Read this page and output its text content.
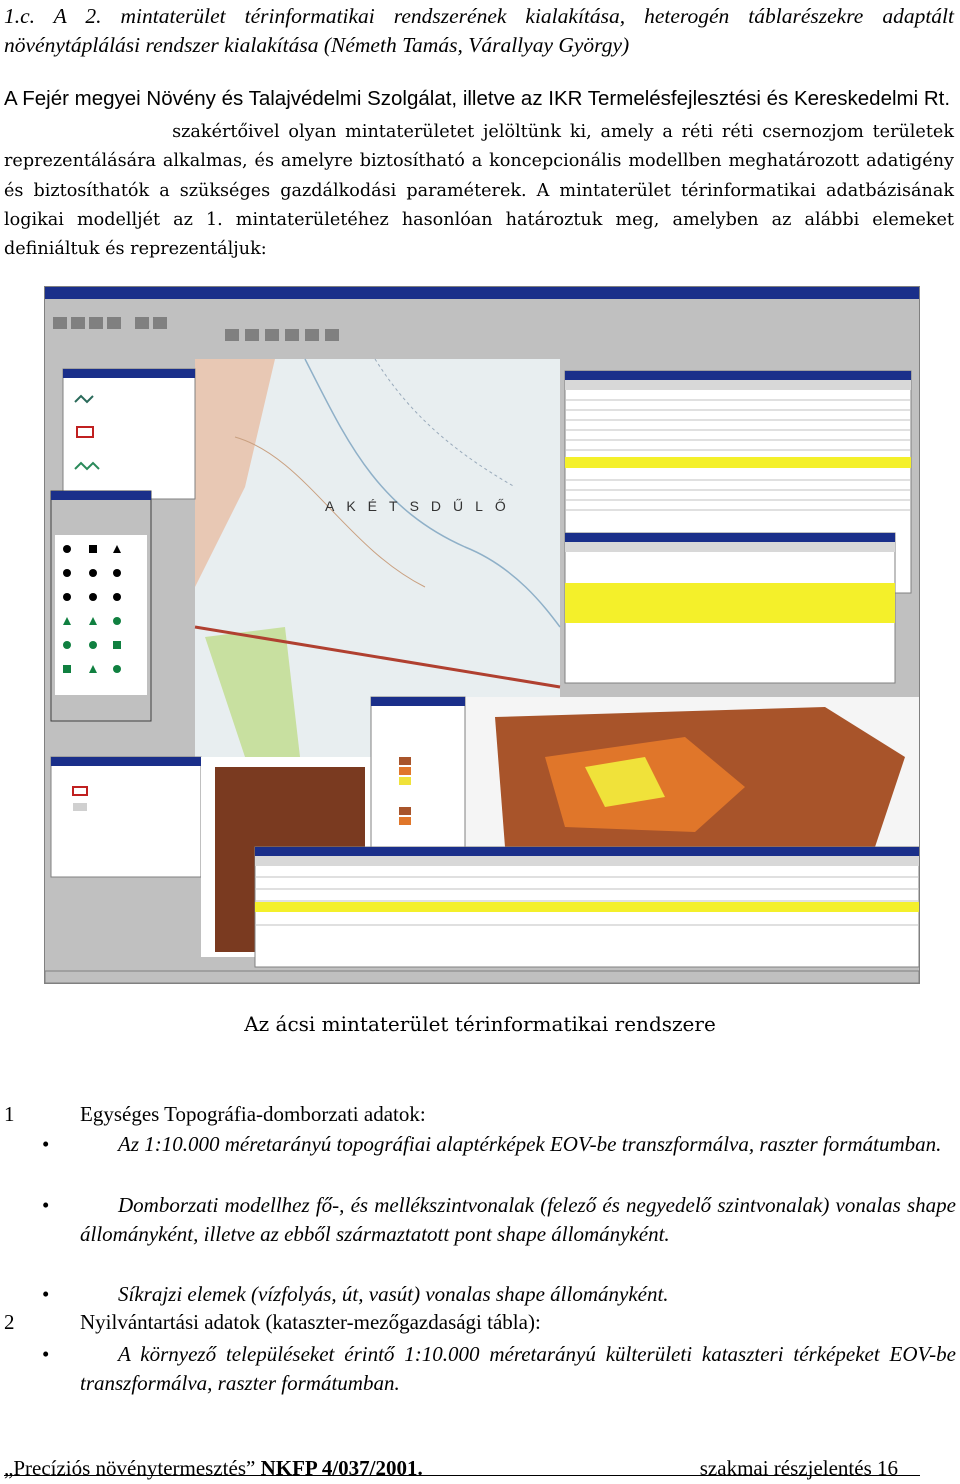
1.c. A 2. mintaterület térinformatikai rendszerének kialakítása, heterogén táblarészekre adaptált növénytáplálási rendszer kialakítása (Németh Tamás, Várallyay György)
A Fejér megyei Növény és Talajvédelmi Szolgálat, illetve az IKR Termelésfejlesztési és Kereskedelmi Rt.
szakértőivel olyan mintaterületet jelöltünk ki, amely a réti réti csernozjom területek reprezentálására alkalmas, és amelyre biztosítható a koncepcionális modellben meghatározott adatigény és biztosíthatók a szükséges gazdálkodási paraméterek. A mintaterület térinformatikai adatbázisának logikai modelljét az 1. mintaterületéhez hasonlóan határoztuk meg, amelyben az alábbi elemeket definiáltuk és reprezentáljuk:
AKÉTSDŰLŐ
Az ácsi mintaterület térinformatikai rendszere
1	Egységes Topográfia-domborzati adatok:
•	Az 1:10.000 méretarányú topográfiai alaptérképek EOV-be transzformálva, raszter formátumban.
•	Domborzati modellhez fő-, és mellékszintvonalak (felező és negyedelő szintvonalak) vonalas shape állományként, illetve az ebből származtatott pont shape állományként.
•	Síkrajzi elemek (vízfolyás, út, vasút) vonalas shape állományként.
2	Nyilvántartási adatok (kataszter-mezőgazdasági tábla):
•	A környező településeket érintő 1:10.000 méretarányú külterületi kataszteri térképeket EOV-be transzformálva, raszter formátumban.
„Precíziós növénytermesztés” NKFP 4/037/2001.	szakmai részjelentés 16
